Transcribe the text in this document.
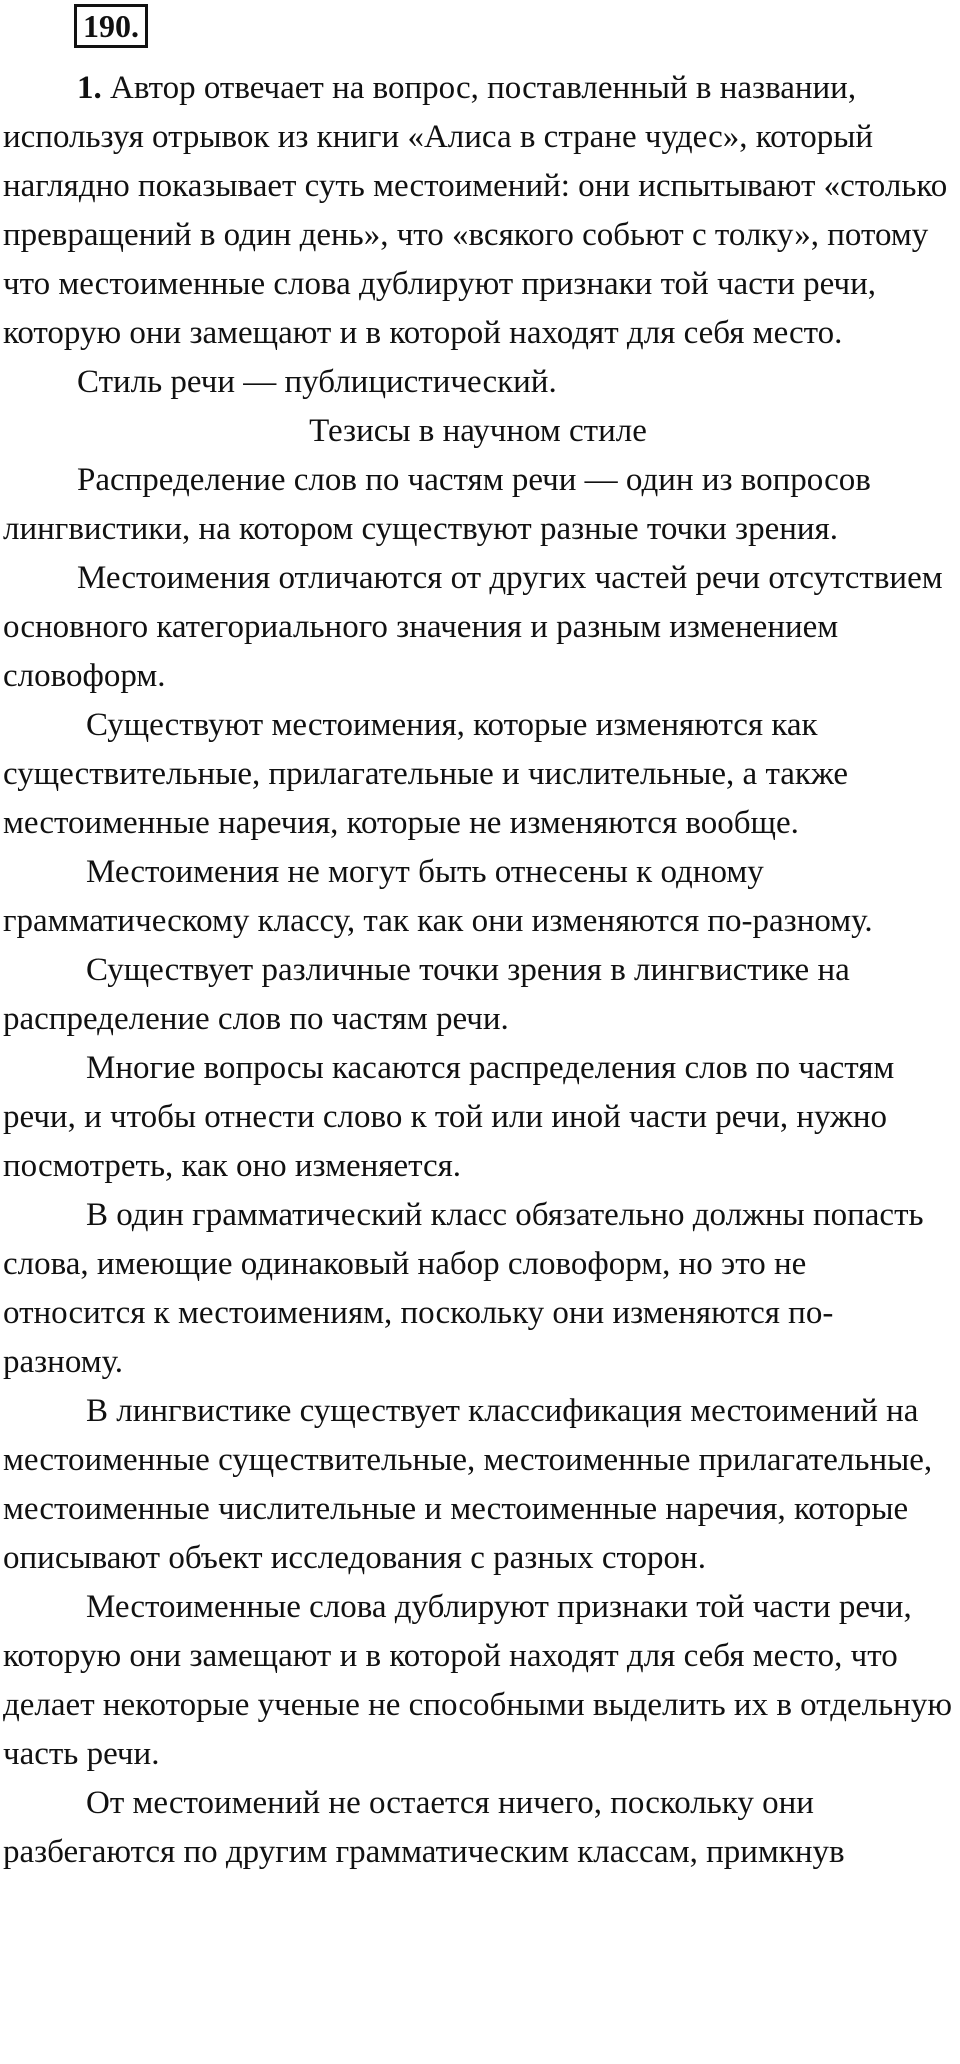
190.

1. Автор отвечает на вопрос, поставленный в названии, используя отрывок из книги «Алиса в стране чудес», который наглядно показывает суть местоимений: они испытывают «столько превращений в один день», что «всякого собьют с толку», потому что местоименные слова дублируют признаки той части речи, которую они замещают и в которой находят для себя место.

Стиль речи — публицистический.

Тезисы в научном стиле

Распределение слов по частям речи — один из вопросов лингвистики, на котором существуют разные точки зрения.

Местоимения отличаются от других частей речи отсутствием основного категориального значения и разным изменением словоформ.

Существуют местоимения, которые изменяются как существительные, прилагательные и числительные, а также местоименные наречия, которые не изменяются вообще.

Местоимения не могут быть отнесены к одному грамматическому классу, так как они изменяются по-разному.

Существует различные точки зрения в лингвистике на распределение слов по частям речи.

Многие вопросы касаются распределения слов по частям речи, и чтобы отнести слово к той или иной части речи, нужно посмотреть, как оно изменяется.

В один грамматический класс обязательно должны попасть слова, имеющие одинаковый набор словоформ, но это не относится к местоимениям, поскольку они изменяются по-разному.

В лингвистике существует классификация местоимений на местоименные существительные, местоименные прилагательные, местоименные числительные и местоименные наречия, которые описывают объект исследования с разных сторон.

Местоименные слова дублируют признаки той части речи, которую они замещают и в которой находят для себя место, что делает некоторые ученые не способными выделить их в отдельную часть речи.

От местоимений не остается ничего, поскольку они разбегаются по другим грамматическим классам, примкнув
